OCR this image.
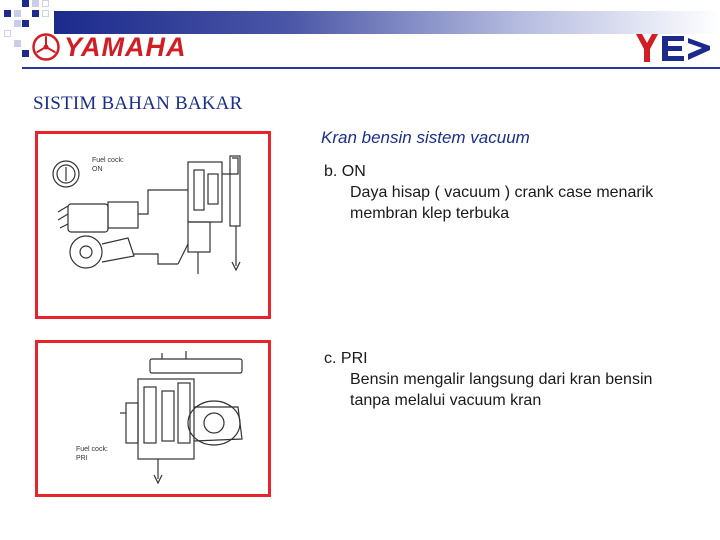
YAMAHA
SISTIM BAHAN BAKAR
Kran bensin sistem vacuum
b. ON
Daya hisap ( vacuum ) crank case menarik
membran klep terbuka
c. PRI
Bensin mengalir langsung dari kran bensin
tanpa melalui vacuum kran
Fuel cock:
ON
Fuel cock:
PRI
